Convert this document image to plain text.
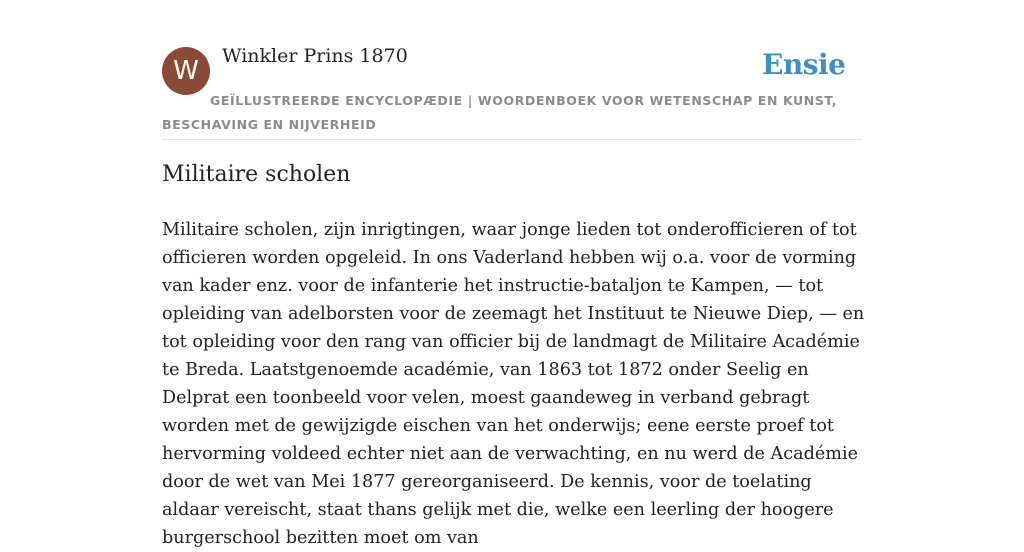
W	Winkler Prins 1870	Ensie
GEÏLLUSTREERDE ENCYCLOPÆDIE | WOORDENBOEK VOOR WETENSCHAP EN KUNST, BESCHAVING EN NIJVERHEID
Militaire scholen

Militaire scholen, zijn inrigtingen, waar jonge lieden tot onderofficieren of tot officieren worden opgeleid. In ons Vaderland hebben wij o.a. voor de vorming van kader enz. voor de infanterie het instructie-bataljon te Kampen, — tot opleiding van adelborsten voor de zeemagt het Instituut te Nieuwe Diep, — en tot opleiding voor den rang van officier bij de landmagt de Militaire Académie te Breda. Laatstgenoemde académie, van 1863 tot 1872 onder Seelig en Delprat een toonbeeld voor velen, moest gaandeweg in verband gebragt worden met de gewijzigde eischen van het onderwijs; eene eerste proef tot hervorming voldeed echter niet aan de verwachting, en nu werd de Académie door de wet van Mei 1877 gereorganiseerd. De kennis, voor de toelating aldaar vereischt, staat thans gelijk met die, welke een leerling der hoogere burgerschool bezitten moet om van
